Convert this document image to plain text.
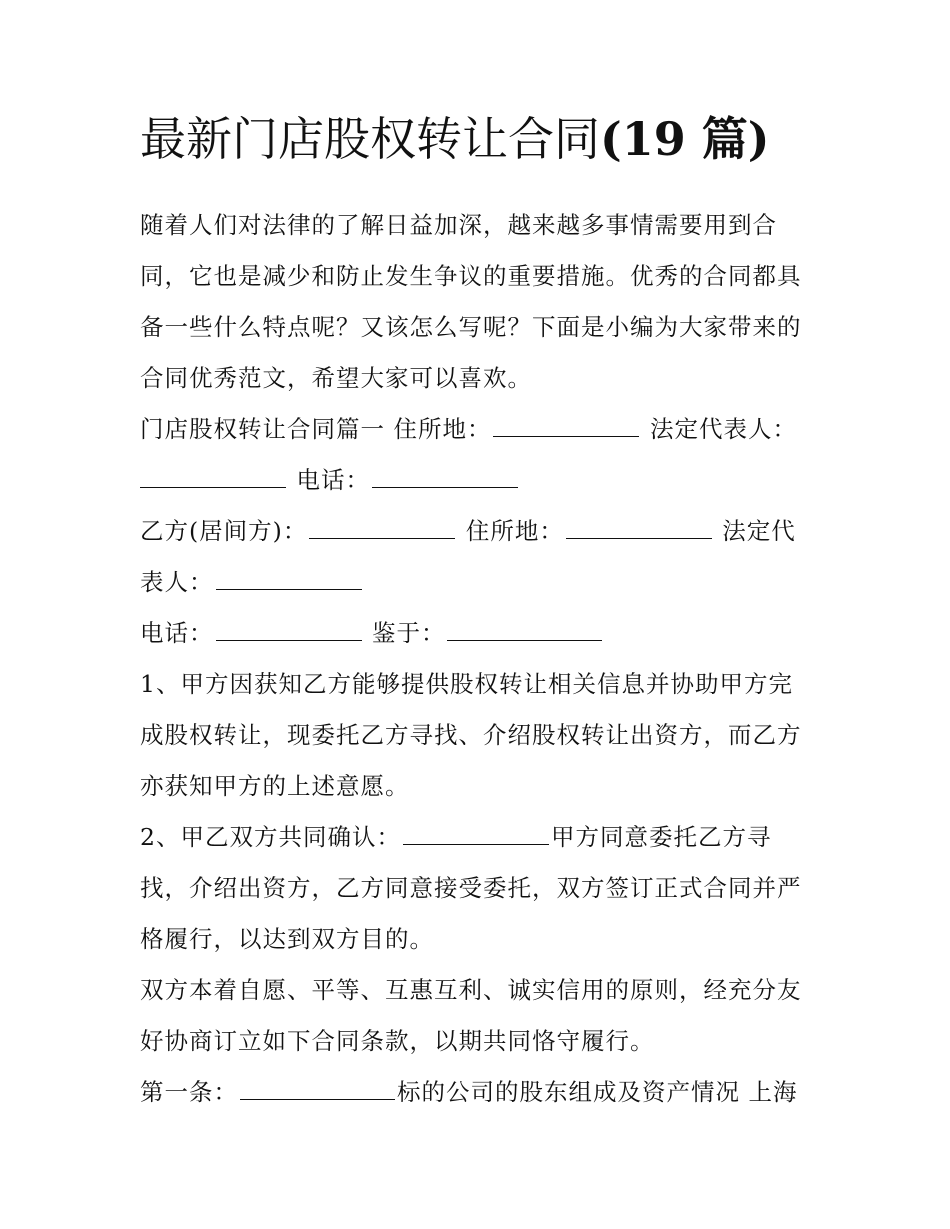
最新门店股权转让合同(19 篇)

随着人们对法律的了解日益加深，越来越多事情需要用到合

同，它也是减少和防止发生争议的重要措施。优秀的合同都具

备一些什么特点呢？又该怎么写呢？下面是小编为大家带来的

合同优秀范文，希望大家可以喜欢。

门店股权转让合同篇一 住所地：	法定代表人：

电话：

乙方(居间方)：	住所地：	法定代

表人：

电话：	鉴于：

1、甲方因获知乙方能够提供股权转让相关信息并协助甲方完

成股权转让，现委托乙方寻找、介绍股权转让出资方，而乙方

亦获知甲方的上述意愿。

2、甲乙双方共同确认：	甲方同意委托乙方寻

找，介绍出资方，乙方同意接受委托，双方签订正式合同并严

格履行，以达到双方目的。

双方本着自愿、平等、互惠互利、诚实信用的原则，经充分友

好协商订立如下合同条款，以期共同恪守履行。

第一条：	标的公司的股东组成及资产情况 上海
